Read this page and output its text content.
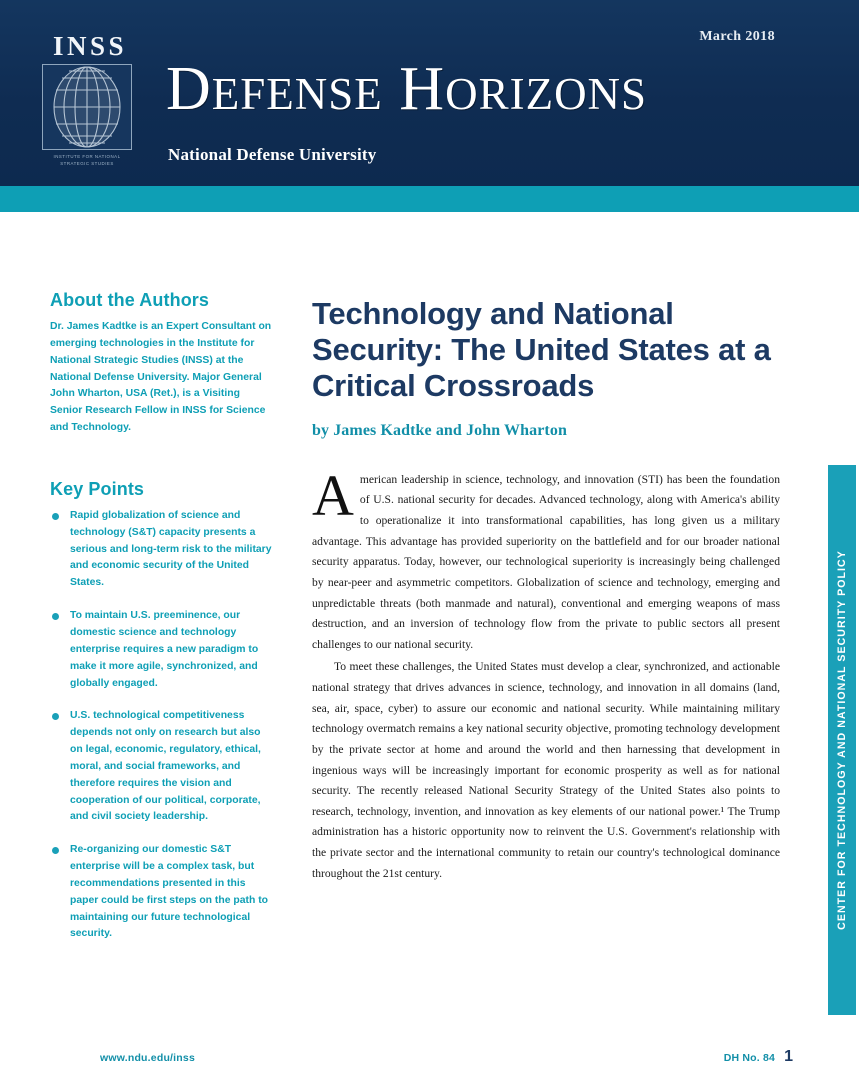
March 2018
INSS
INSTITUTE FOR NATIONAL STRATEGIC STUDIES
DEFENSE HORIZONS
National Defense University
About the Authors

Dr. James Kadtke is an Expert Consultant on emerging technologies in the Institute for National Strategic Studies (INSS) at the National Defense University. Major General John Wharton, USA (Ret.), is a Visiting Senior Research Fellow in INSS for Science and Technology.

Key Points
Rapid globalization of science and technology (S&T) capacity presents a serious and long-term risk to the military and economic security of the United States.
To maintain U.S. preeminence, our domestic science and technology enterprise requires a new paradigm to make it more agile, synchronized, and globally engaged.
U.S. technological competitiveness depends not only on research but also on legal, economic, regulatory, ethical, moral, and social frameworks, and therefore requires the vision and cooperation of our political, corporate, and civil society leadership.
Re-organizing our domestic S&T enterprise will be a complex task, but recommendations presented in this paper could be first steps on the path to maintaining our future technological security.
Technology and National Security: The United States at a Critical Crossroads
by James Kadtke and John Wharton

American leadership in science, technology, and innovation (STI) has been the foundation of U.S. national security for decades. Advanced technology, along with America's ability to operationalize it into transformational capabilities, has long given us a military advantage. This advantage has provided superiority on the battlefield and for our broader national security apparatus. Today, however, our technological superiority is increasingly being challenged by near-peer and asymmetric competitors. Globalization of science and technology, emerging and unpredictable threats (both manmade and natural), conventional and emerging weapons of mass destruction, and an inversion of technology flow from the private to public sectors all present challenges to our national security.

To meet these challenges, the United States must develop a clear, synchronized, and actionable national strategy that drives advances in science, technology, and innovation in all domains (land, sea, air, space, cyber) to assure our economic and national security. While maintaining military technology overmatch remains a key national security objective, promoting technology development by the private sector at home and around the world and then harnessing that development in ingenious ways will be increasingly important for economic prosperity as well as for national security. The recently released National Security Strategy of the United States also points to research, technology, invention, and innovation as key elements of our national power.¹ The Trump administration has a historic opportunity now to reinvent the U.S. Government's relationship with the private sector and the international community to retain our country's technological dominance throughout the 21st century.	CENTER FOR TECHNOLOGY AND NATIONAL SECURITY POLICY
www.ndu.edu/inss	DH No. 84 1
